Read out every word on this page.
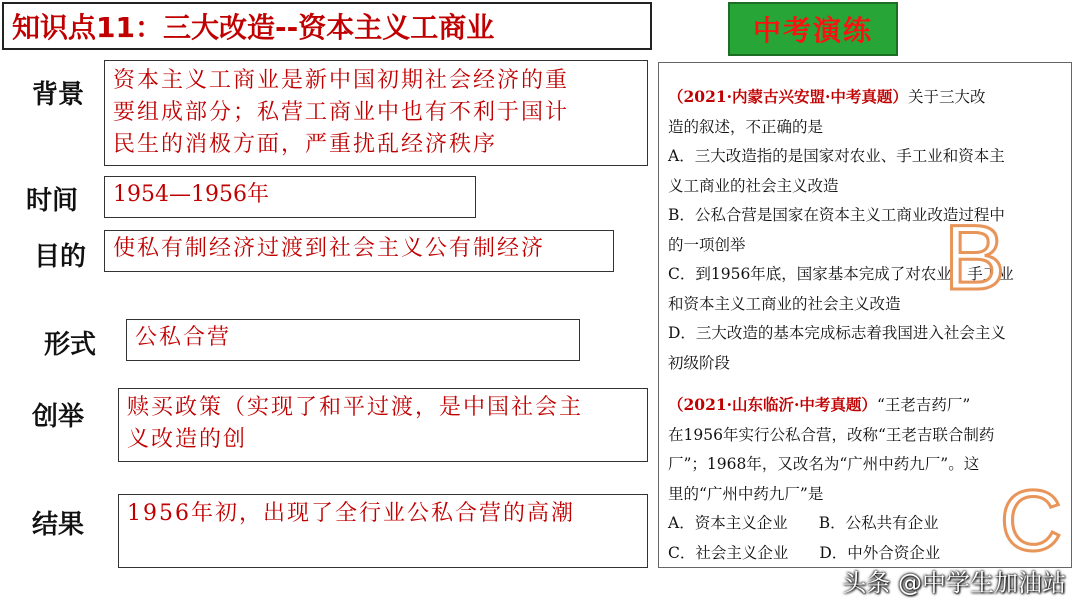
知识点11：三大改造--资本主义工商业	中考演练
背景 资本主义工商业是新中国初期社会经济的重
要组成部分；私营工商业中也有不利于国计
民生的消极方面，严重扰乱经济秩序
时间	1954—1956年
目的	使私有制经济过渡到社会主义公有制经济
形式	公私合营
创举 赎买政策（实现了和平过渡，是中国社会主
义改造的创
结果	1956年初，出现了全行业公私合营的高潮

（2021·内蒙古兴安盟·中考真题）关于三大改

造的叙述，不正确的是

A．三大改造指的是国家对农业、手工业和资本主

义工商业的社会主义改造

B．公私合营是国家在资本主义工商业改造过程中

的一项创举

C．到1956年底，国家基本完成了对农业、手工业

和资本主义工商业的社会主义改造

D．三大改造的基本完成标志着我国进入社会主义

初级阶段

B

（2021·山东临沂·中考真题）“王老吉药厂”

在1956年实行公私合营，改称“王老吉联合制药

厂”；1968年，又改名为“广州中药九厂”。这

里的“广州中药九厂”是

A．资本主义企业　　B．公私共有企业

C．社会主义企业　　D．中外合资企业 C
头条 @中学生加油站
